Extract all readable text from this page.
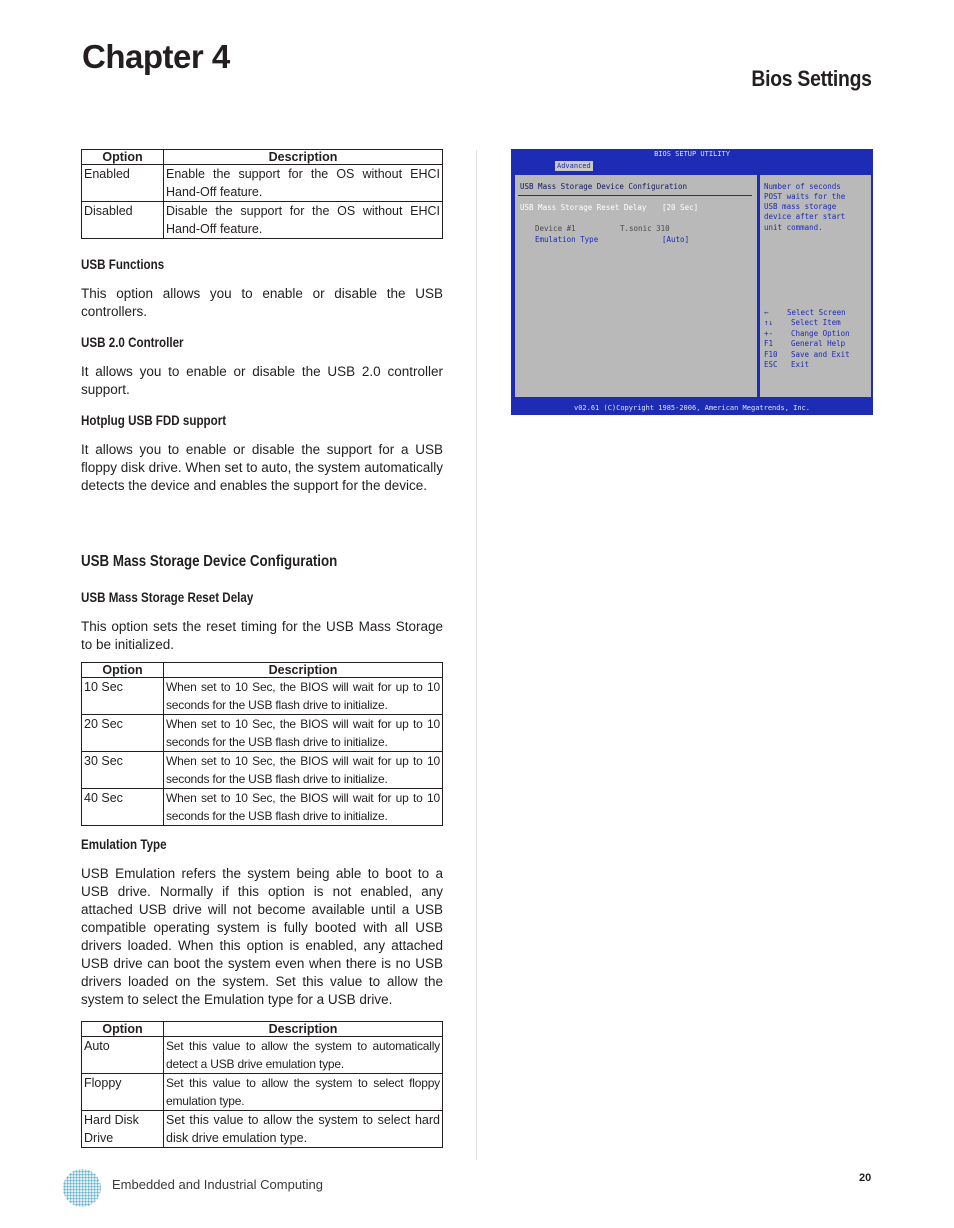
Chapter 4
Bios Settings
Option	Description
Enabled	Enable the support for the OS without EHCI Hand-Off feature.
Disabled	Disable the support for the OS without EHCI Hand-Off feature.
USB Functions

This option allows you to enable or disable the USB controllers.

USB 2.0 Controller

It allows you to enable or disable the USB 2.0 controller support.

Hotplug USB FDD support

It allows you to enable or disable the support for a USB floppy disk drive. When set to auto, the system automatically detects the device and enables the support for the device.

USB Mass Storage Device Configuration
USB Mass Storage Reset Delay

This option sets the reset timing for the USB Mass Storage to be initialized.

Option	Description
10 Sec	When set to 10 Sec, the BIOS will wait for up to 10 seconds for the USB flash drive to initialize.
20 Sec	When set to 10 Sec, the BIOS will wait for up to 10 seconds for the USB flash drive to initialize.
30 Sec	When set to 10 Sec, the BIOS will wait for up to 10 seconds for the USB flash drive to initialize.
40 Sec	When set to 10 Sec, the BIOS will wait for up to 10 seconds for the USB flash drive to initialize.
Emulation Type

USB Emulation refers the system being able to boot to a USB drive. Normally if this option is not enabled, any attached USB drive will not become available until a USB compatible operating system is fully booted with all USB drivers loaded. When this option is enabled, any attached USB drive can boot the system even when there is no USB drivers loaded on the system. Set this value to allow the system to select the Emulation type for a USB drive.

Option	Description
Auto	Set this value to allow the system to automatically detect a USB drive emulation type.
Floppy	Set this value to allow the system to select floppy emulation type.
Hard Disk Drive	Set this value to allow the system to select hard disk drive emulation type.
BIOS SETUP UTILITY
Advanced
USB Mass Storage Device Configuration
USB Mass Storage Reset Delay [20 Sec]
Device #1	T.sonic 310
Emulation Type	[Auto]
Number of seconds
POST waits for the
USB mass storage
device after start
unit command.
← Select Screen
↑↓ Select Item
+- Change Option
F1 General Help
F10 Save and Exit
ESC Exit
v02.61 (C)Copyright 1985-2006, American Megatrends, Inc.
Embedded and Industrial Computing	20
